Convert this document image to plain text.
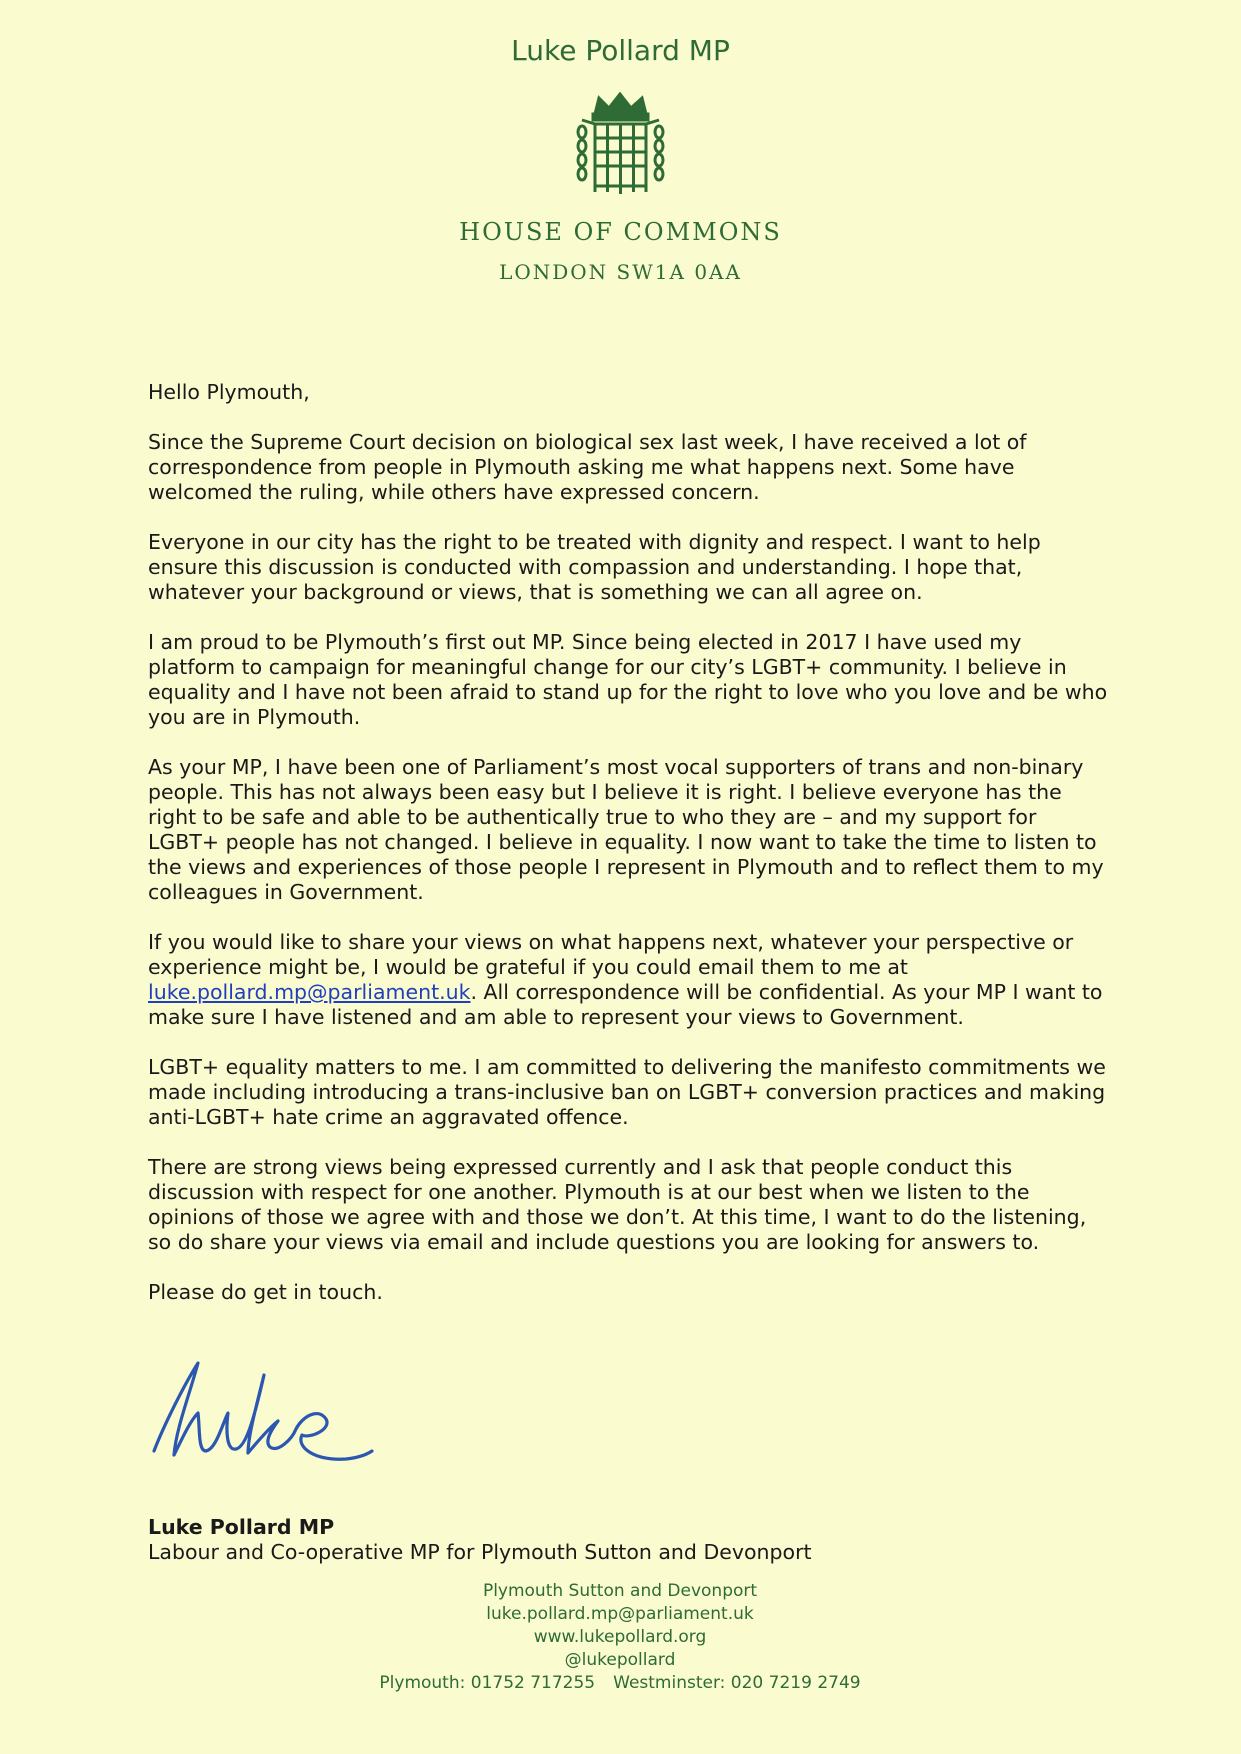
Luke Pollard MP
HOUSE OF COMMONS
LONDON SW1A 0AA

Hello Plymouth,

Since the Supreme Court decision on biological sex last week, I have received a lot of correspondence from people in Plymouth asking me what happens next. Some have welcomed the ruling, while others have expressed concern.

Everyone in our city has the right to be treated with dignity and respect. I want to help ensure this discussion is conducted with compassion and understanding. I hope that, whatever your background or views, that is something we can all agree on.

I am proud to be Plymouth’s first out MP. Since being elected in 2017 I have used my platform to campaign for meaningful change for our city’s LGBT+ community. I believe in equality and I have not been afraid to stand up for the right to love who you love and be who you are in Plymouth.

As your MP, I have been one of Parliament’s most vocal supporters of trans and non-binary people. This has not always been easy but I believe it is right. I believe everyone has the right to be safe and able to be authentically true to who they are – and my support for LGBT+ people has not changed. I believe in equality. I now want to take the time to listen to the views and experiences of those people I represent in Plymouth and to reflect them to my colleagues in Government.

If you would like to share your views on what happens next, whatever your perspective or experience might be, I would be grateful if you could email them to me at luke.pollard.mp@parliament.uk. All correspondence will be confidential. As your MP I want to make sure I have listened and am able to represent your views to Government.

LGBT+ equality matters to me. I am committed to delivering the manifesto commitments we made including introducing a trans-inclusive ban on LGBT+ conversion practices and making anti-LGBT+ hate crime an aggravated offence.

There are strong views being expressed currently and I ask that people conduct this discussion with respect for one another. Plymouth is at our best when we listen to the opinions of those we agree with and those we don’t. At this time, I want to do the listening, so do share your views via email and include questions you are looking for answers to.

Please do get in touch.

Luke Pollard MP
Labour and Co-operative MP for Plymouth Sutton and Devonport
Plymouth Sutton and Devonport
luke.pollard.mp@parliament.uk
www.lukepollard.org
@lukepollard
Plymouth: 01752 717255 Westminster: 020 7219 2749
